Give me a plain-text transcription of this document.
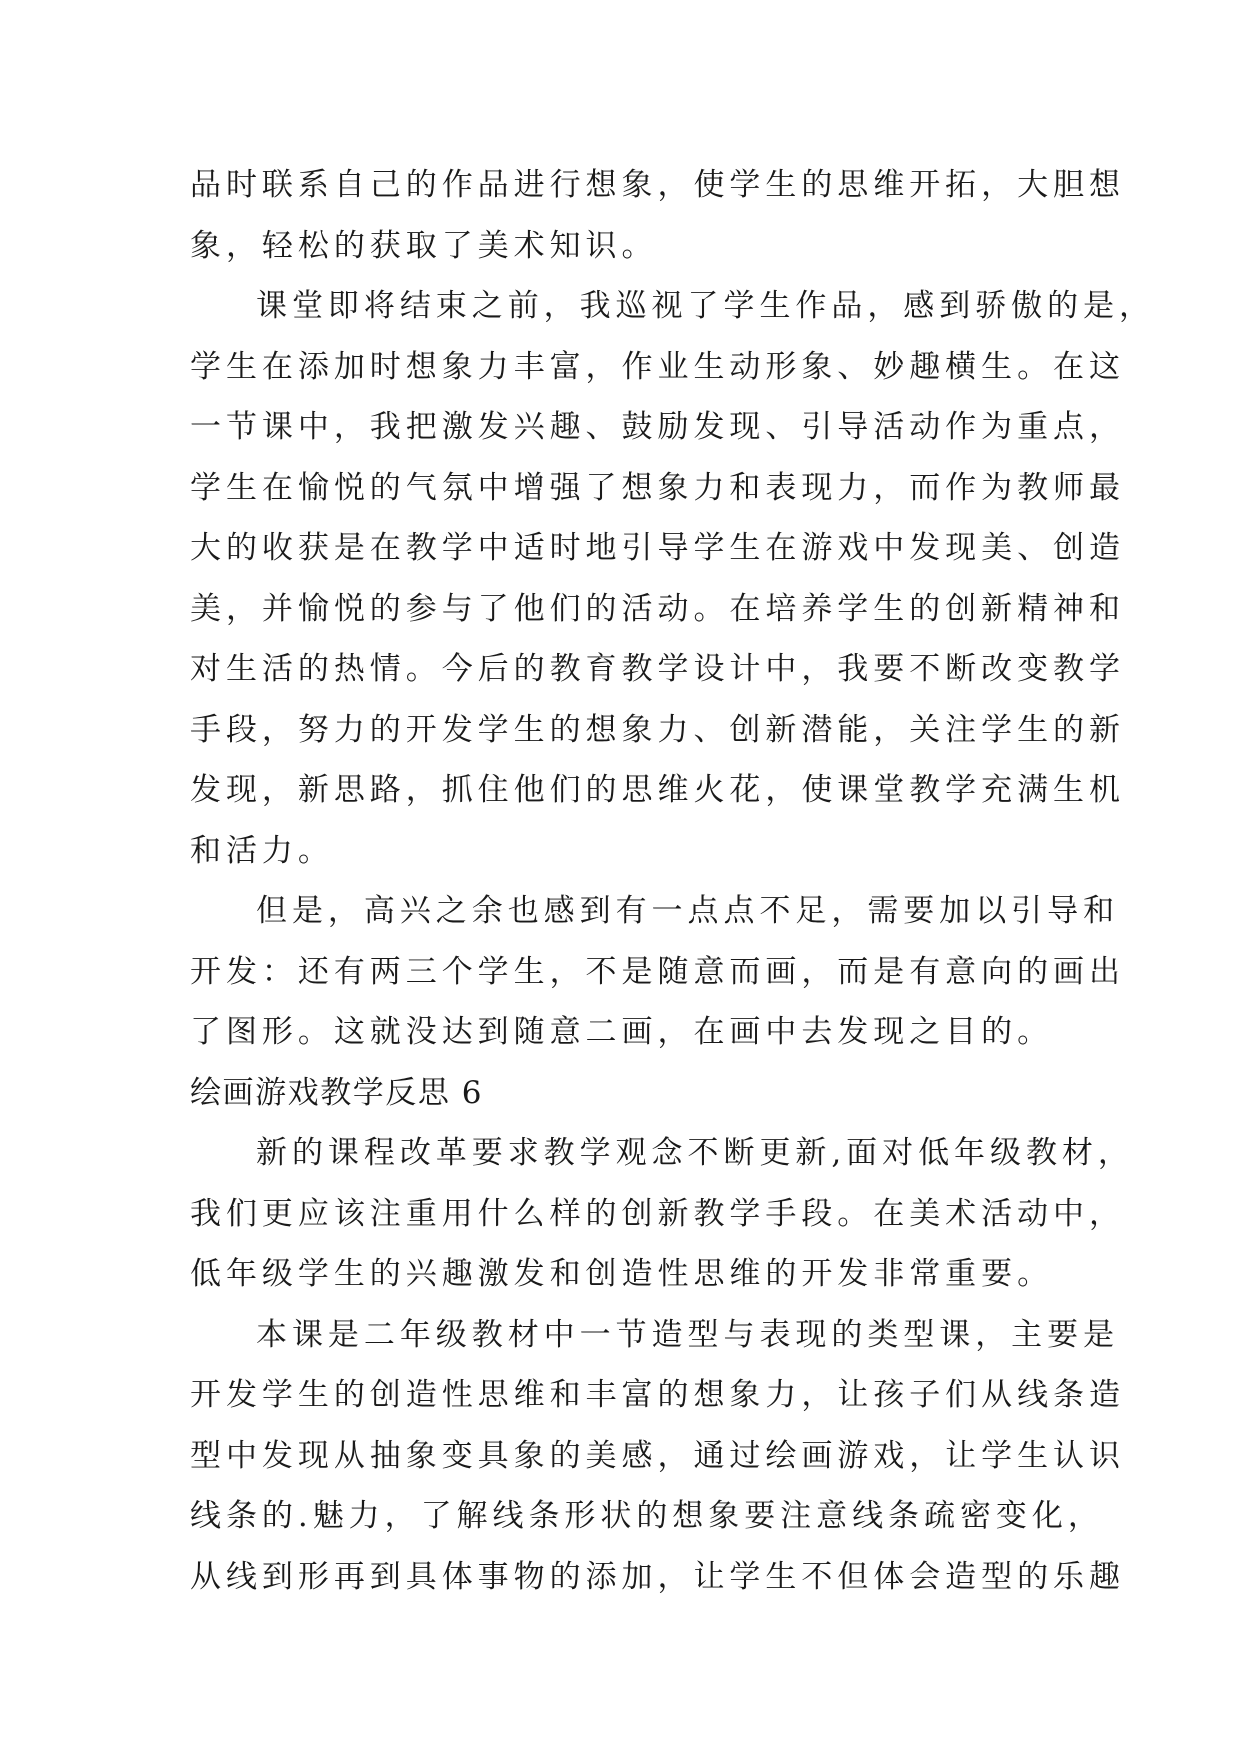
品时联系自己的作品进行想象，使学生的思维开拓，大胆想
象，轻松的获取了美术知识。
课堂即将结束之前，我巡视了学生作品，感到骄傲的是，
学生在添加时想象力丰富，作业生动形象、妙趣横生。在这
一节课中，我把激发兴趣、鼓励发现、引导活动作为重点，
学生在愉悦的气氛中增强了想象力和表现力，而作为教师最
大的收获是在教学中适时地引导学生在游戏中发现美、创造
美，并愉悦的参与了他们的活动。在培养学生的创新精神和
对生活的热情。今后的教育教学设计中，我要不断改变教学
手段，努力的开发学生的想象力、创新潜能，关注学生的新
发现，新思路，抓住他们的思维火花，使课堂教学充满生机
和活力。
但是，高兴之余也感到有一点点不足，需要加以引导和
开发：还有两三个学生，不是随意而画，而是有意向的画出
了图形。这就没达到随意二画，在画中去发现之目的。
绘画游戏教学反思 6
新的课程改革要求教学观念不断更新,面对低年级教材，
我们更应该注重用什么样的创新教学手段。在美术活动中，
低年级学生的兴趣激发和创造性思维的开发非常重要。
本课是二年级教材中一节造型与表现的类型课，主要是
开发学生的创造性思维和丰富的想象力，让孩子们从线条造
型中发现从抽象变具象的美感，通过绘画游戏，让学生认识
线条的.魅力，了解线条形状的想象要注意线条疏密变化，
从线到形再到具体事物的添加，让学生不但体会造型的乐趣
